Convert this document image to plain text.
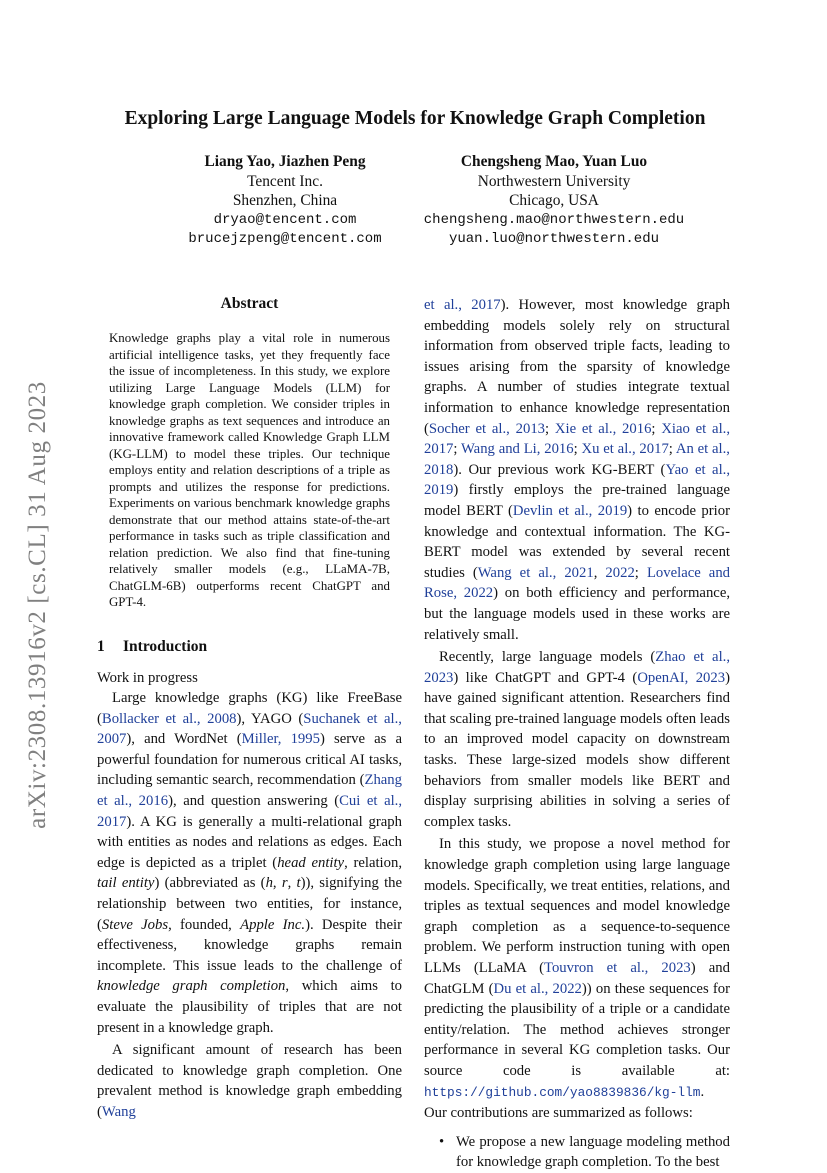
arXiv:2308.13916v2 [cs.CL] 31 Aug 2023
Exploring Large Language Models for Knowledge Graph Completion
Liang Yao, Jiazhen Peng
Tencent Inc.
Shenzhen, China
dryao@tencent.com
brucejzpeng@tencent.com
Chengsheng Mao, Yuan Luo
Northwestern University
Chicago, USA
chengsheng.mao@northwestern.edu
yuan.luo@northwestern.edu
Abstract

Knowledge graphs play a vital role in numerous artificial intelligence tasks, yet they frequently face the issue of incompleteness. In this study, we explore utilizing Large Language Models (LLM) for knowledge graph completion. We consider triples in knowledge graphs as text sequences and introduce an innovative framework called Knowledge Graph LLM (KG-LLM) to model these triples. Our technique employs entity and relation descriptions of a triple as prompts and utilizes the response for predictions. Experiments on various benchmark knowledge graphs demonstrate that our method attains state-of-the-art performance in tasks such as triple classification and relation prediction. We also find that fine-tuning relatively smaller models (e.g., LLaMA-7B, ChatGLM-6B) outperforms recent ChatGPT and GPT-4.

1 Introduction

Work in progress

Large knowledge graphs (KG) like FreeBase (Bollacker et al., 2008), YAGO (Suchanek et al., 2007), and WordNet (Miller, 1995) serve as a powerful foundation for numerous critical AI tasks, including semantic search, recommendation (Zhang et al., 2016), and question answering (Cui et al., 2017). A KG is generally a multi-relational graph with entities as nodes and relations as edges. Each edge is depicted as a triplet (head entity, relation, tail entity) (abbreviated as (h, r, t)), signifying the relationship between two entities, for instance, (Steve Jobs, founded, Apple Inc.). Despite their effectiveness, knowledge graphs remain incomplete. This issue leads to the challenge of knowledge graph completion, which aims to evaluate the plausibility of triples that are not present in a knowledge graph.

A significant amount of research has been dedicated to knowledge graph completion. One prevalent method is knowledge graph embedding (Wang

et al., 2017). However, most knowledge graph embedding models solely rely on structural information from observed triple facts, leading to issues arising from the sparsity of knowledge graphs. A number of studies integrate textual information to enhance knowledge representation (Socher et al., 2013; Xie et al., 2016; Xiao et al., 2017; Wang and Li, 2016; Xu et al., 2017; An et al., 2018). Our previous work KG-BERT (Yao et al., 2019) firstly employs the pre-trained language model BERT (Devlin et al., 2019) to encode prior knowledge and contextual information. The KG-BERT model was extended by several recent studies (Wang et al., 2021, 2022; Lovelace and Rose, 2022) on both efficiency and performance, but the language models used in these works are relatively small.

Recently, large language models (Zhao et al., 2023) like ChatGPT and GPT-4 (OpenAI, 2023) have gained significant attention. Researchers find that scaling pre-trained language models often leads to an improved model capacity on downstream tasks. These large-sized models show different behaviors from smaller models like BERT and display surprising abilities in solving a series of complex tasks.

In this study, we propose a novel method for knowledge graph completion using large language models. Specifically, we treat entities, relations, and triples as textual sequences and model knowledge graph completion as a sequence-to-sequence problem. We perform instruction tuning with open LLMs (LLaMA (Touvron et al., 2023) and ChatGLM (Du et al., 2022)) on these sequences for predicting the plausibility of a triple or a candidate entity/relation. The method achieves stronger performance in several KG completion tasks. Our source code is available at: https://github.com/yao8839836/kg-llm. Our contributions are summarized as follows:

• We propose a new language modeling method for knowledge graph completion. To the best
